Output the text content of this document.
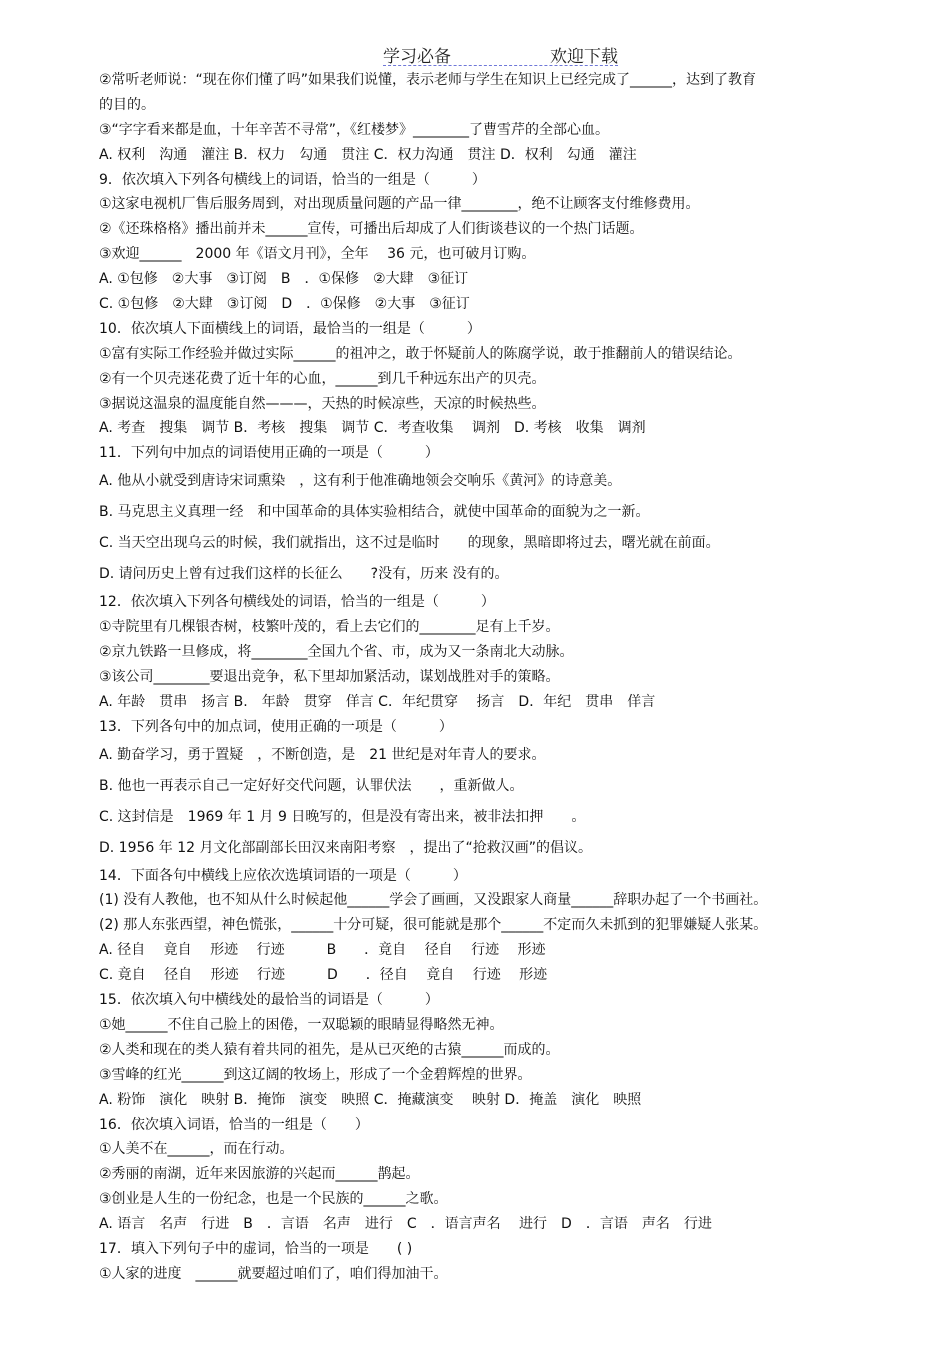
学习必备	欢迎下载
②常听老师说：“现在你们懂了吗”如果我们说懂，表示老师与学生在知识上已经完成了______，达到了教育
的目的。
③“字字看来都是血，十年辛苦不寻常”，《红楼梦》________了曹雪芹的全部心血。
A. 权利　沟通　灌注 B．权力　勾通　贯注 C．权力沟通　贯注 D．权利　勾通　灌注
9．依次填入下列各句横线上的词语，恰当的一组是（　　　）
①这家电视机厂售后服务周到，对出现质量问题的产品一律________，绝不让顾客支付维修费用。
②《还珠格格》播出前并未______宣传，可播出后却成了人们街谈巷议的一个热门话题。
③欢迎______　2000 年《语文月刊》，全年　 36 元，也可破月订购。
A. ①包修　②大事　③订阅　B　．①保修　②大肆　③征订
C. ①包修　②大肆　③订阅　D　．①保修　②大事　③征订
10．依次填人下面横线上的词语，最恰当的一组是（　　　）
①富有实际工作经验并做过实际______的祖冲之，敢于怀疑前人的陈腐学说，敢于推翻前人的错误结论。
②有一个贝壳迷花费了近十年的心血，______到几千种远东出产的贝壳。
③据说这温泉的温度能自然———，天热的时候凉些，天凉的时候热些。
A. 考查　搜集　调节 B．考核　搜集　调节 C．考查收集　 调剂　D. 考核　收集　调剂
11．下列句中加点的词语使用正确的一项是（　　　）
A. 他从小就受到唐诗宋词熏染　，这有利于他准确地领会交响乐《黄河》的诗意美。
B. 马克思主义真理一经　和中国革命的具体实验相结合，就使中国革命的面貌为之一新。
C. 当天空出现乌云的时候，我们就指出，这不过是临时　　的现象，黑暗即将过去，曙光就在前面。
D. 请问历史上曾有过我们这样的长征么　　?没有，历来 没有的。
12．依次填入下列各句横线处的词语，恰当的一组是（　　　）
①寺院里有几棵银杏树，枝繁叶茂的，看上去它们的________足有上千岁。
②京九铁路一旦修成，将________全国九个省、市，成为又一条南北大动脉。
③该公司________要退出竞争，私下里却加紧活动，谋划战胜对手的策略。
A. 年龄　贯串　扬言 B.　年龄　贯穿　佯言 C．年纪贯穿　 扬言　D．年纪　贯串　佯言
13．下列各句中的加点词，使用正确的一项是（　　　）
A. 勤奋学习，勇于置疑　，不断创造，是　21 世纪是对年青人的要求。
B. 他也一再表示自己一定好好交代问题，认罪伏法　　，重新做人。
C. 这封信是　1969 年 1 月 9 日晚写的，但是没有寄出来，被非法扣押　　。
D. 1956 年 12 月文化部副部长田汉来南阳考察　，提出了“抢救汉画”的倡议。
14．下面各句中横线上应依次选填词语的一项是（　　　）
(1) 没有人教他，也不知从什么时候起他______学会了画画，又没跟家人商量______辞职办起了一个书画社。
(2) 那人东张西望，神色慌张，______十分可疑，很可能就是那个______不定而久未抓到的犯罪嫌疑人张某。
A. 径自　 竟自　 形迹　 行迹　　　B　　．竟自　 径自　 行迹　 形迹
C. 竟自　 径自　 形迹　 行迹　　　D　　．径自　 竟自　 行迹　 形迹
15．依次填入句中横线处的最恰当的词语是（　　　）
①她______不住自己脸上的困倦，一双聪颖的眼睛显得略然无神。
②人类和现在的类人猿有着共同的祖先，是从已灭绝的古猿______而成的。
③雪峰的红光______到这辽阔的牧场上，形成了一个金碧辉煌的世界。
A. 粉饰　演化　映射 B．掩饰　演变　映照 C．掩藏演变　 映射 D．掩盖　演化　映照
16．依次填入词语，恰当的一组是（　　）
①人美不在______，而在行动。
②秀丽的南湖，近年来因旅游的兴起而______鹊起。
③创业是人生的一份纪念，也是一个民族的______之歌。
A. 语言　名声　行进　B　．言语　名声　进行　C　．语言声名　 进行　D　．言语　声名　行进
17．填入下列句子中的虚词，恰当的一项是　　( )
①人家的进度　______就要超过咱们了，咱们得加油干。
